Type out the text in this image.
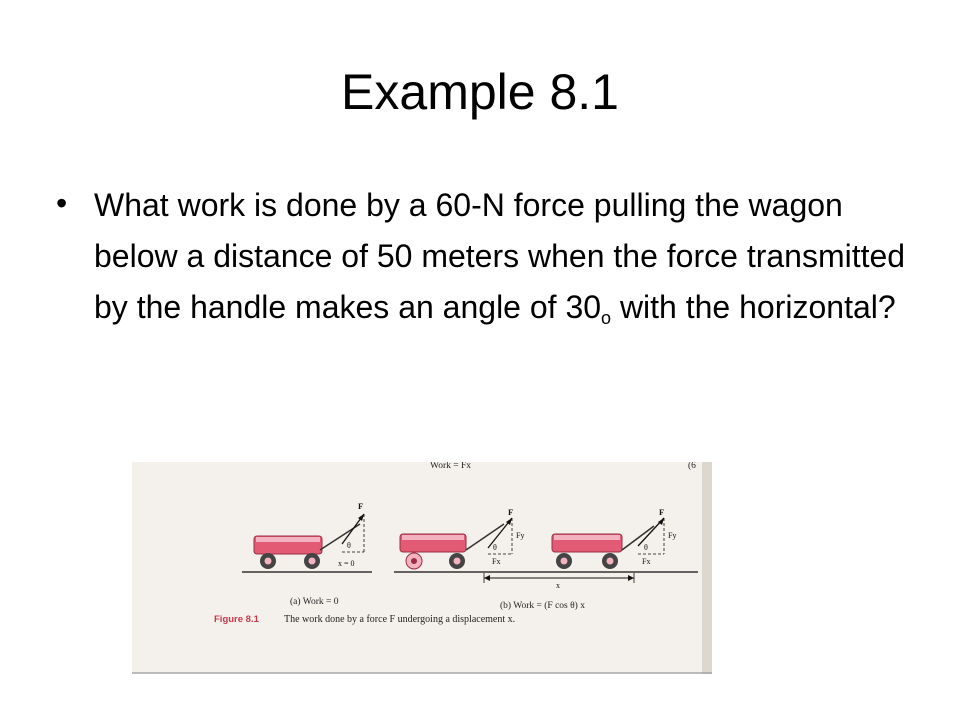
Example 8.1
• What work is done by a 60-N force pulling the wagon below a distance of 50 meters when the force transmitted by the handle makes an angle of $30_o$ with the horizontal?
Work = Fx	(6
F
θ
x = 0
F
θ
Fy
Fx
F
θ
Fy
Fx
x
(a) Work = 0	(b) Work = (F cos θ) x
Figure 8.1	The work done by a force F undergoing a displacement x.
